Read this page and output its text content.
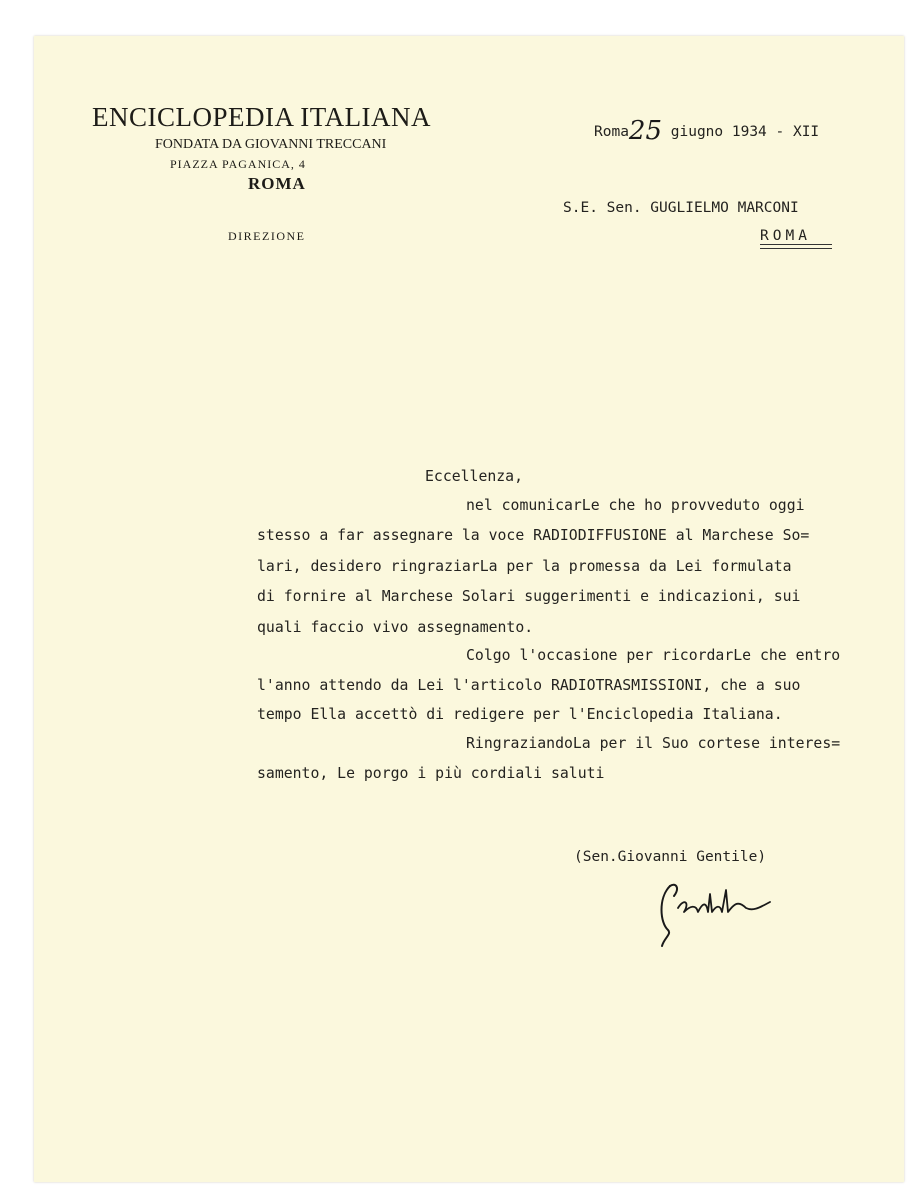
ENCICLOPEDIA ITALIANA
FONDATA DA GIOVANNI TRECCANI
PIAZZA PAGANICA, 4
ROMA
DIREZIONE
Roma25 giugno 1934 - XII
S.E. Sen. GUGLIELMO MARCONI
ROMA
Eccellenza,
nel comunicarLe che ho provveduto oggi
stesso a far assegnare la voce RADIODIFFUSIONE al Marchese So=
lari, desidero ringraziarLa per la promessa da Lei formulata
di fornire al Marchese Solari suggerimenti e indicazioni, sui
quali faccio vivo assegnamento.
Colgo l'occasione per ricordarLe che entro
l'anno attendo da Lei l'articolo RADIOTRASMISSIONI, che a suo
tempo Ella accettò di redigere per l'Enciclopedia Italiana.
RingraziandoLa per il Suo cortese interes=
samento, Le porgo i più cordiali saluti
(Sen.Giovanni Gentile)
